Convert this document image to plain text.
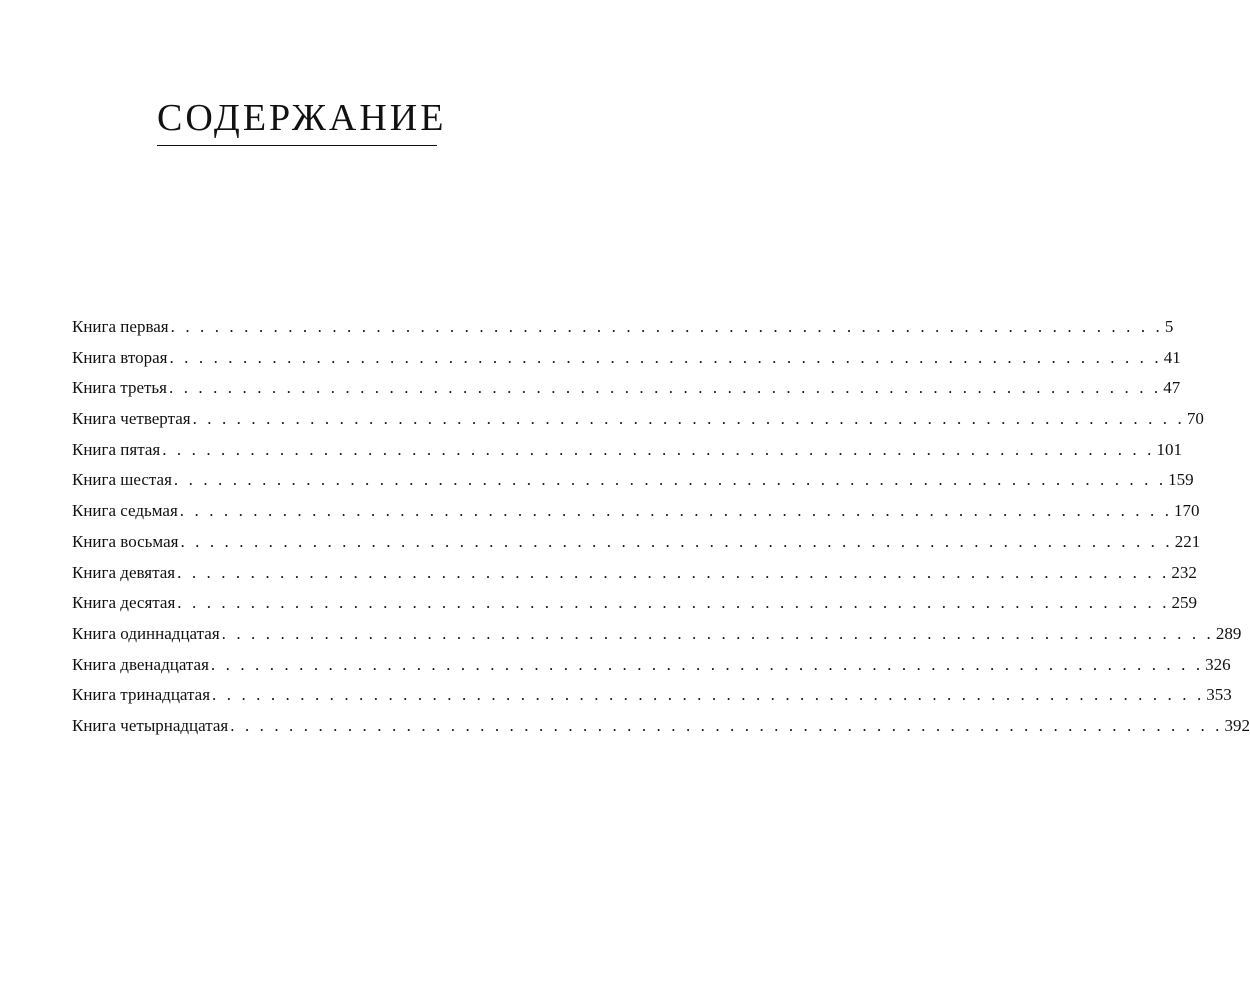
СОДЕРЖАНИЕ
Книга первая . . . . . . . . . . . . . . . . . . . . . . . . . . . . . . . . . . . . . . . . . . . . . . . . . . . . . . . . . . . . . . . . . . . . 5
Книга вторая . . . . . . . . . . . . . . . . . . . . . . . . . . . . . . . . . . . . . . . . . . . . . . . . . . . . . . . . . . . . . . . . . . . . 41
Книга третья . . . . . . . . . . . . . . . . . . . . . . . . . . . . . . . . . . . . . . . . . . . . . . . . . . . . . . . . . . . . . . . . . . . . 47
Книга четвертая . . . . . . . . . . . . . . . . . . . . . . . . . . . . . . . . . . . . . . . . . . . . . . . . . . . . . . . . . . . . . . . . . . . . 70
Книга пятая . . . . . . . . . . . . . . . . . . . . . . . . . . . . . . . . . . . . . . . . . . . . . . . . . . . . . . . . . . . . . . . . . . . . 101
Книга шестая . . . . . . . . . . . . . . . . . . . . . . . . . . . . . . . . . . . . . . . . . . . . . . . . . . . . . . . . . . . . . . . . . . . . 159
Книга седьмая . . . . . . . . . . . . . . . . . . . . . . . . . . . . . . . . . . . . . . . . . . . . . . . . . . . . . . . . . . . . . . . . . . . . 170
Книга восьмая . . . . . . . . . . . . . . . . . . . . . . . . . . . . . . . . . . . . . . . . . . . . . . . . . . . . . . . . . . . . . . . . . . . . 221
Книга девятая . . . . . . . . . . . . . . . . . . . . . . . . . . . . . . . . . . . . . . . . . . . . . . . . . . . . . . . . . . . . . . . . . . . . 232
Книга десятая . . . . . . . . . . . . . . . . . . . . . . . . . . . . . . . . . . . . . . . . . . . . . . . . . . . . . . . . . . . . . . . . . . . . 259
Книга одиннадцатая . . . . . . . . . . . . . . . . . . . . . . . . . . . . . . . . . . . . . . . . . . . . . . . . . . . . . . . . . . . . . . . . . . . . 289
Книга двенадцатая . . . . . . . . . . . . . . . . . . . . . . . . . . . . . . . . . . . . . . . . . . . . . . . . . . . . . . . . . . . . . . . . . . . . 326
Книга тринадцатая . . . . . . . . . . . . . . . . . . . . . . . . . . . . . . . . . . . . . . . . . . . . . . . . . . . . . . . . . . . . . . . . . . . . 353
Книга четырнадцатая . . . . . . . . . . . . . . . . . . . . . . . . . . . . . . . . . . . . . . . . . . . . . . . . . . . . . . . . . . . . . . . . . . . . 392
